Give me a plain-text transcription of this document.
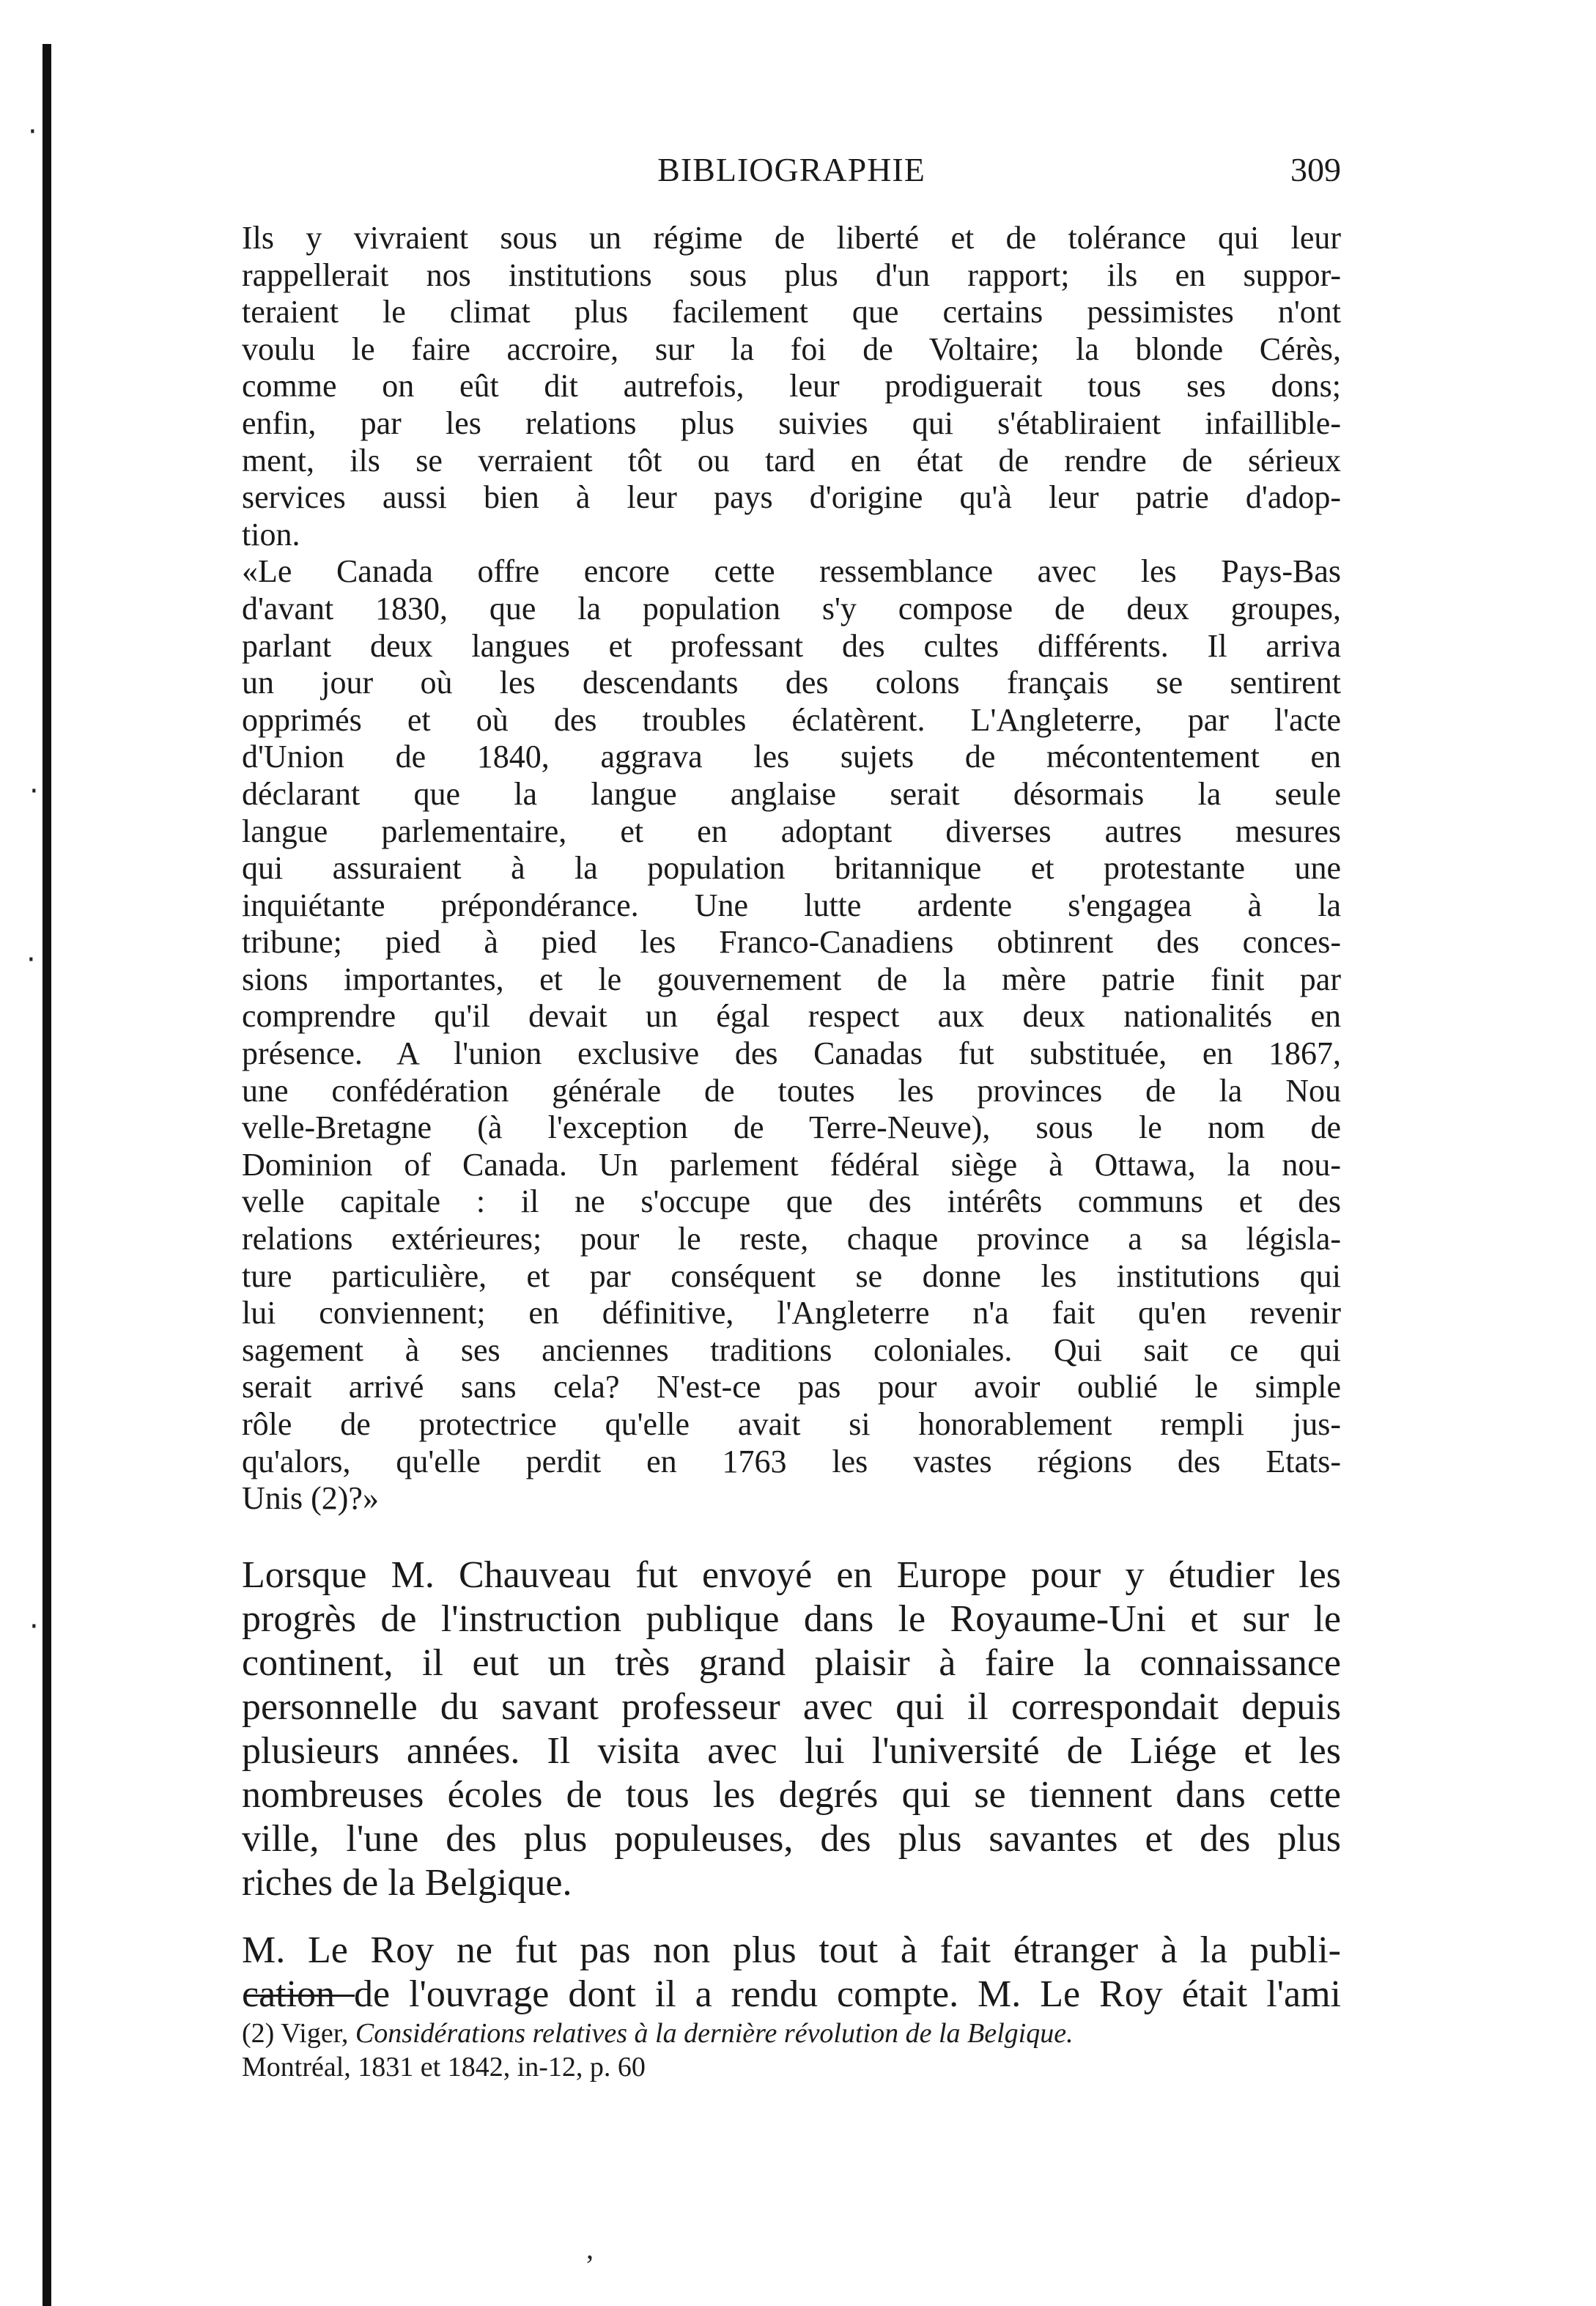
·
·
·
·
BIBLIOGRAPHIE	309
Ils y vivraient sous un régime de liberté et de tolérance qui leur
rappellerait nos institutions sous plus d'un rapport; ils en suppor-
teraient le climat plus facilement que certains pessimistes n'ont
voulu le faire accroire, sur la foi de Voltaire; la blonde Cérès,
comme on eût dit autrefois, leur prodiguerait tous ses dons;
enfin, par les relations plus suivies qui s'établiraient infaillible-
ment, ils se verraient tôt ou tard en état de rendre de sérieux
services aussi bien à leur pays d'origine qu'à leur patrie d'adop-
tion.
«Le Canada offre encore cette ressemblance avec les Pays-Bas
d'avant 1830, que la population s'y compose de deux groupes,
parlant deux langues et professant des cultes différents. Il arriva
un jour où les descendants des colons français se sentirent
opprimés et où des troubles éclatèrent. L'Angleterre, par l'acte
d'Union de 1840, aggrava les sujets de mécontentement en
déclarant que la langue anglaise serait désormais la seule
langue parlementaire, et en adoptant diverses autres mesures
qui assuraient à la population britannique et protestante une
inquiétante prépondérance. Une lutte ardente s'engagea à la
tribune; pied à pied les Franco-Canadiens obtinrent des conces-
sions importantes, et le gouvernement de la mère patrie finit par
comprendre qu'il devait un égal respect aux deux nationalités en
présence. A l'union exclusive des Canadas fut substituée, en 1867,
une confédération générale de toutes les provinces de la Nou
velle-Bretagne (à l'exception de Terre-Neuve), sous le nom de
Dominion of Canada. Un parlement fédéral siège à Ottawa, la nou-
velle capitale : il ne s'occupe que des intérêts communs et des
relations extérieures; pour le reste, chaque province a sa législa-
ture particulière, et par conséquent se donne les institutions qui
lui conviennent; en définitive, l'Angleterre n'a fait qu'en revenir
sagement à ses anciennes traditions coloniales. Qui sait ce qui
serait arrivé sans cela? N'est-ce pas pour avoir oublié le simple
rôle de protectrice qu'elle avait si honorablement rempli jus-
qu'alors, qu'elle perdit en 1763 les vastes régions des Etats-
Unis (2)?»
Lorsque M. Chauveau fut envoyé en Europe pour y étudier les
progrès de l'instruction publique dans le Royaume-Uni et sur le
continent, il eut un très grand plaisir à faire la connaissance
personnelle du savant professeur avec qui il correspondait depuis
plusieurs années. Il visita avec lui l'université de Liége et les
nombreuses écoles de tous les degrés qui se tiennent dans cette
ville, l'une des plus populeuses, des plus savantes et des plus
riches de la Belgique.
M. Le Roy ne fut pas non plus tout à fait étranger à la publi-
cation de l'ouvrage dont il a rendu compte. M. Le Roy était l'ami
(2) Viger, Considérations relatives à la dernière révolution de la Belgique.
Montréal, 1831 et 1842, in-12, p. 60
,
